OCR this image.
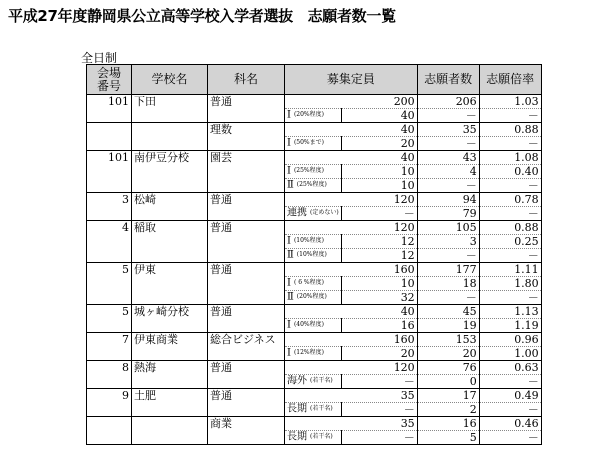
平成27年度静岡県公立高等学校入学者選抜　志願者数一覧
全日制
会場
番号	学校名	科名	募集定員		志願者数	志願倍率
101	下田	普通	200		206	1.03
			Ⅰ (20%程度)	40	－	－
		理数	40		35	0.88
			Ⅰ (50%まで)	20	－	－
101	南伊豆分校	園芸	40		43	1.08
			Ⅰ (25%程度)	10	4	0.40
			Ⅱ (25%程度)	10	－	－
3	松崎	普通	120		94	0.78
			連携 (定めない)	－	79	－
4	稲取	普通	120		105	0.88
			Ⅰ (10%程度)	12	3	0.25
			Ⅱ (10%程度)	12	－	－
5	伊東	普通	160		177	1.11
			Ⅰ ( 6 %程度)	10	18	1.80
			Ⅱ (20%程度)	32	－	－
5	城ヶ崎分校	普通	40		45	1.13
			Ⅰ (40%程度)	16	19	1.19
7	伊東商業	総合ビジネス	160		153	0.96
			Ⅰ (12%程度)	20	20	1.00
8	熱海	普通	120		76	0.63
			海外 (若干名)	－	0	－
9	土肥	普通	35		17	0.49
			長期 (若干名)	－	2	－
		商業	35		16	0.46
			長期 (若干名)	－	5	－
